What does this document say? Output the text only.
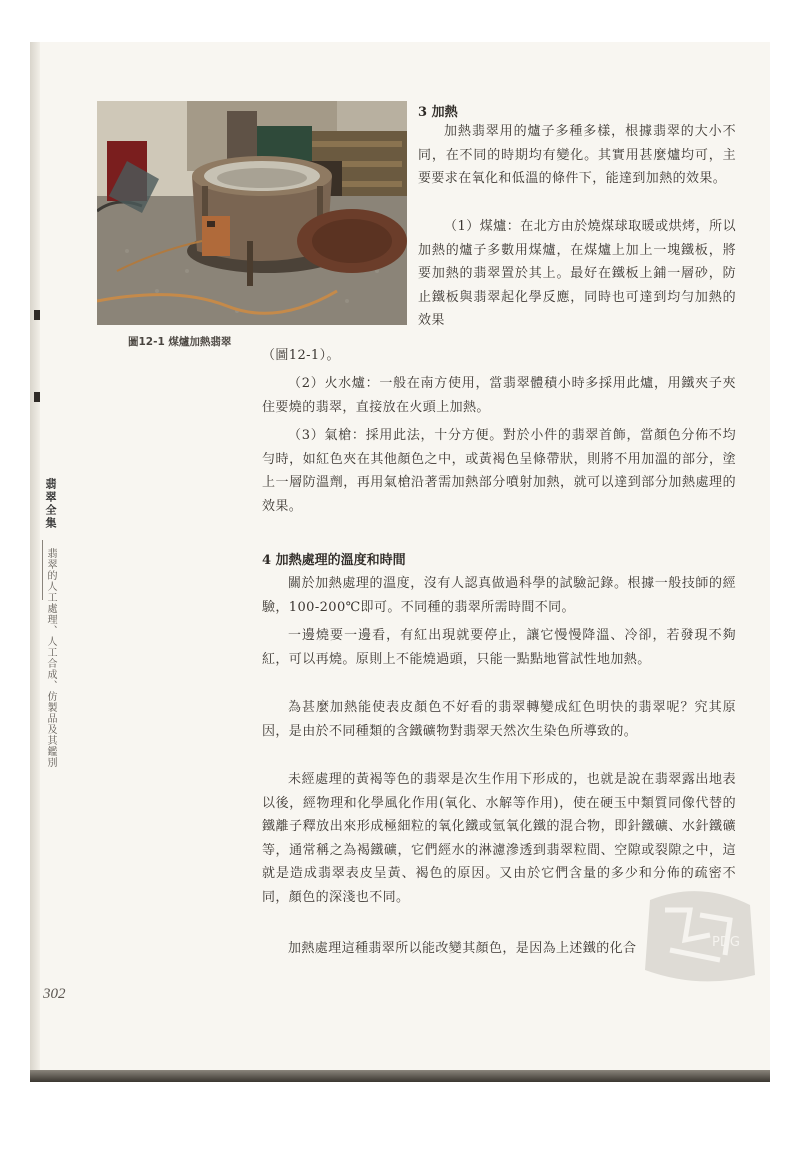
圖12-1 煤爐加熱翡翠

3 加熱

加熱翡翠用的爐子多種多樣，根據翡翠的大小不同，在不同的時期均有變化。其實用甚麼爐均可，主要要求在氧化和低溫的條件下，能達到加熱的效果。

（1）煤爐：在北方由於燒煤球取暖或烘烤，所以加熱的爐子多數用煤爐，在煤爐上加上一塊鐵板，將要加熱的翡翠置於其上。最好在鐵板上鋪一層砂，防止鐵板與翡翠起化學反應，同時也可達到均勻加熱的效果

（圖12-1）。

（2）火水爐：一般在南方使用，當翡翠體積小時多採用此爐，用鐵夾子夾住要燒的翡翠，直接放在火頭上加熱。

（3）氣槍：採用此法，十分方便。對於小件的翡翠首飾，當顏色分佈不均勻時，如紅色夾在其他顏色之中，或黃褐色呈條帶狀，則將不用加溫的部分，塗上一層防溫劑，再用氣槍沿著需加熱部分噴射加熱，就可以達到部分加熱處理的效果。

4 加熱處理的溫度和時間

關於加熱處理的溫度，沒有人認真做過科學的試驗記錄。根據一般技師的經驗，100-200℃即可。不同種的翡翠所需時間不同。

一邊燒要一邊看，有紅出現就要停止，讓它慢慢降溫、冷卻，若發現不夠紅，可以再燒。原則上不能燒過頭，只能一點點地嘗試性地加熱。

為甚麼加熱能使表皮顏色不好看的翡翠轉變成紅色明快的翡翠呢？究其原因，是由於不同種類的含鐵礦物對翡翠天然次生染色所導致的。

未經處理的黃褐等色的翡翠是次生作用下形成的，也就是說在翡翠露出地表以後，經物理和化學風化作用(氧化、水解等作用)，使在硬玉中類質同像代替的鐵離子釋放出來形成極細粒的氧化鐵或氫氧化鐵的混合物，即針鐵礦、水針鐵礦等，通常稱之為褐鐵礦，它們經水的淋濾滲透到翡翠粒間、空隙或裂隙之中，這就是造成翡翠表皮呈黃、褐色的原因。又由於它們含量的多少和分佈的疏密不同，顏色的深淺也不同。

加熱處理這種翡翠所以能改變其顏色，是因為上述鐵的化合

翡翠全集
翡翠的人工處理、人工合成、仿製品及其鑑別
302
PDG
